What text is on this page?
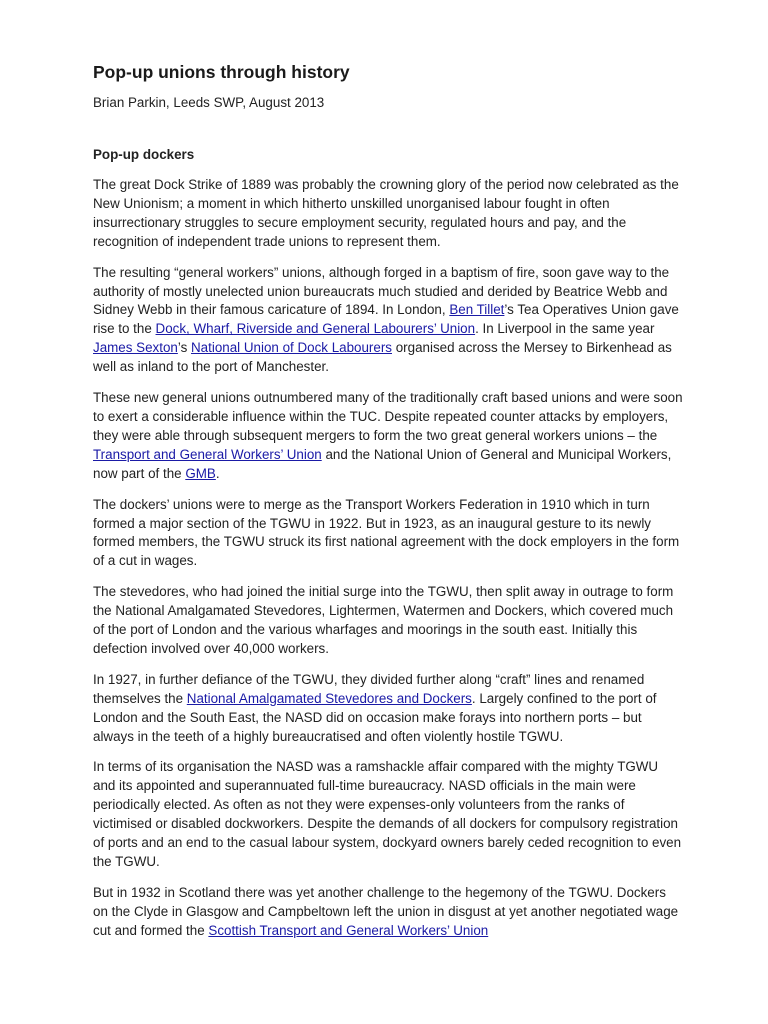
Pop-up unions through history
Brian Parkin, Leeds SWP, August 2013
Pop-up dockers

The great Dock Strike of 1889 was probably the crowning glory of the period now celebrated as the New Unionism; a moment in which hitherto unskilled unorganised labour fought in often insurrectionary struggles to secure employment security, regulated hours and pay, and the recognition of independent trade unions to represent them.

The resulting “general workers” unions, although forged in a baptism of fire, soon gave way to the authority of mostly unelected union bureaucrats much studied and derided by Beatrice Webb and Sidney Webb in their famous caricature of 1894. In London, Ben Tillet’s Tea Operatives Union gave rise to the Dock, Wharf, Riverside and General Labourers’ Union. In Liverpool in the same year James Sexton’s National Union of Dock Labourers organised across the Mersey to Birkenhead as well as inland to the port of Manchester.

These new general unions outnumbered many of the traditionally craft based unions and were soon to exert a considerable influence within the TUC. Despite repeated counter attacks by employers, they were able through subsequent mergers to form the two great general workers unions – the Transport and General Workers’ Union and the National Union of General and Municipal Workers, now part of the GMB.

The dockers’ unions were to merge as the Transport Workers Federation in 1910 which in turn formed a major section of the TGWU in 1922. But in 1923, as an inaugural gesture to its newly formed members, the TGWU struck its first national agreement with the dock employers in the form of a cut in wages.

The stevedores, who had joined the initial surge into the TGWU, then split away in outrage to form the National Amalgamated Stevedores, Lightermen, Watermen and Dockers, which covered much of the port of London and the various wharfages and moorings in the south east. Initially this defection involved over 40,000 workers.

In 1927, in further defiance of the TGWU, they divided further along “craft” lines and renamed themselves the National Amalgamated Stevedores and Dockers. Largely confined to the port of London and the South East, the NASD did on occasion make forays into northern ports – but always in the teeth of a highly bureaucratised and often violently hostile TGWU.

In terms of its organisation the NASD was a ramshackle affair compared with the mighty TGWU and its appointed and superannuated full-time bureaucracy. NASD officials in the main were periodically elected. As often as not they were expenses-only volunteers from the ranks of victimised or disabled dockworkers. Despite the demands of all dockers for compulsory registration of ports and an end to the casual labour system, dockyard owners barely ceded recognition to even the TGWU.

But in 1932 in Scotland there was yet another challenge to the hegemony of the TGWU. Dockers on the Clyde in Glasgow and Campbeltown left the union in disgust at yet another negotiated wage cut and formed the Scottish Transport and General Workers’ Union
